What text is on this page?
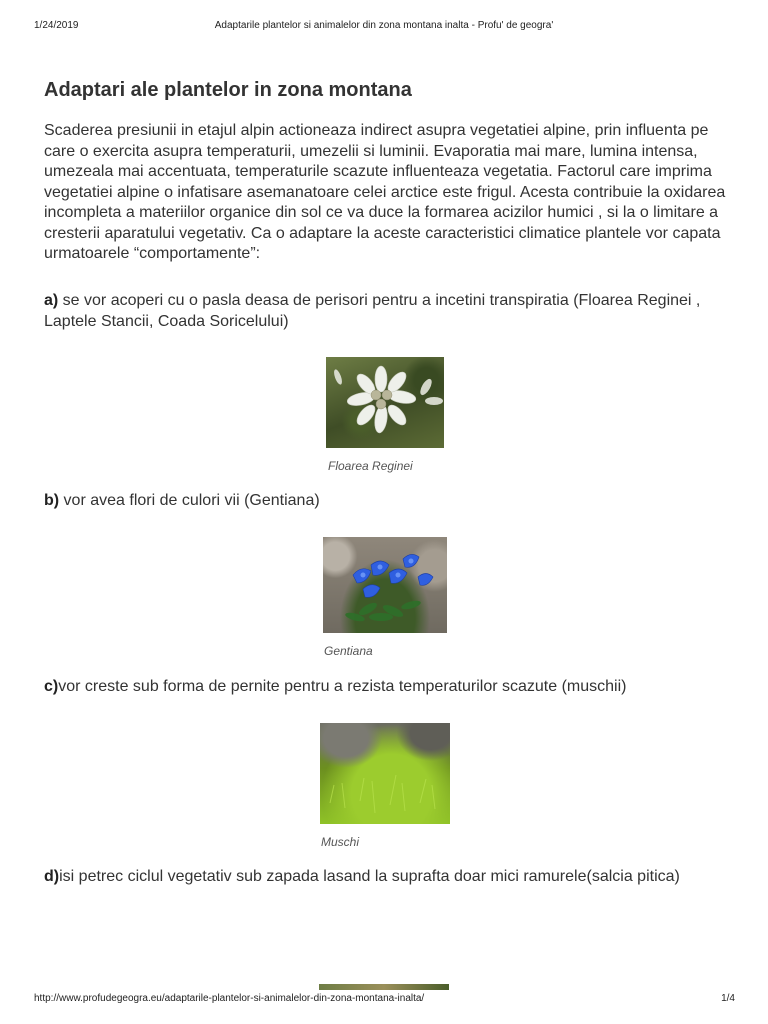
1/24/2019	Adaptarile plantelor si animalelor din zona montana inalta - Profu' de geogra'
Adaptari ale plantelor in zona montana

Scaderea presiunii in etajul alpin actioneaza indirect asupra vegetatiei alpine, prin influenta pe care o exercita asupra temperaturii, umezelii si luminii. Evaporatia mai mare, lumina intensa, umezeala mai accentuata, temperaturile scazute influenteaza vegetatia. Factorul care imprima vegetatiei alpine o infatisare asemanatoare celei arctice este frigul. Acesta contribuie la oxidarea incompleta a materiilor organice din sol ce va duce la formarea acizilor humici , si la o limitare a cresterii aparatului vegetativ. Ca o adaptare la aceste caracteristici climatice plantele vor capata urmatoarele “comportamente”:

a) se vor acoperi cu o pasla deasa de perisori pentru a incetini transpiratia (Floarea Reginei , Laptele Stancii, Coada Soricelului)

Floarea Reginei

b) vor avea flori de culori vii (Gentiana)

Gentiana

c)vor creste sub forma de pernite pentru a rezista temperaturilor scazute (muschii)

Muschi

d)isi petrec ciclul vegetativ sub zapada lasand la suprafta doar mici ramurele(salcia pitica)

http://www.profudegeogra.eu/adaptarile-plantelor-si-animalelor-din-zona-montana-inalta/	1/4
